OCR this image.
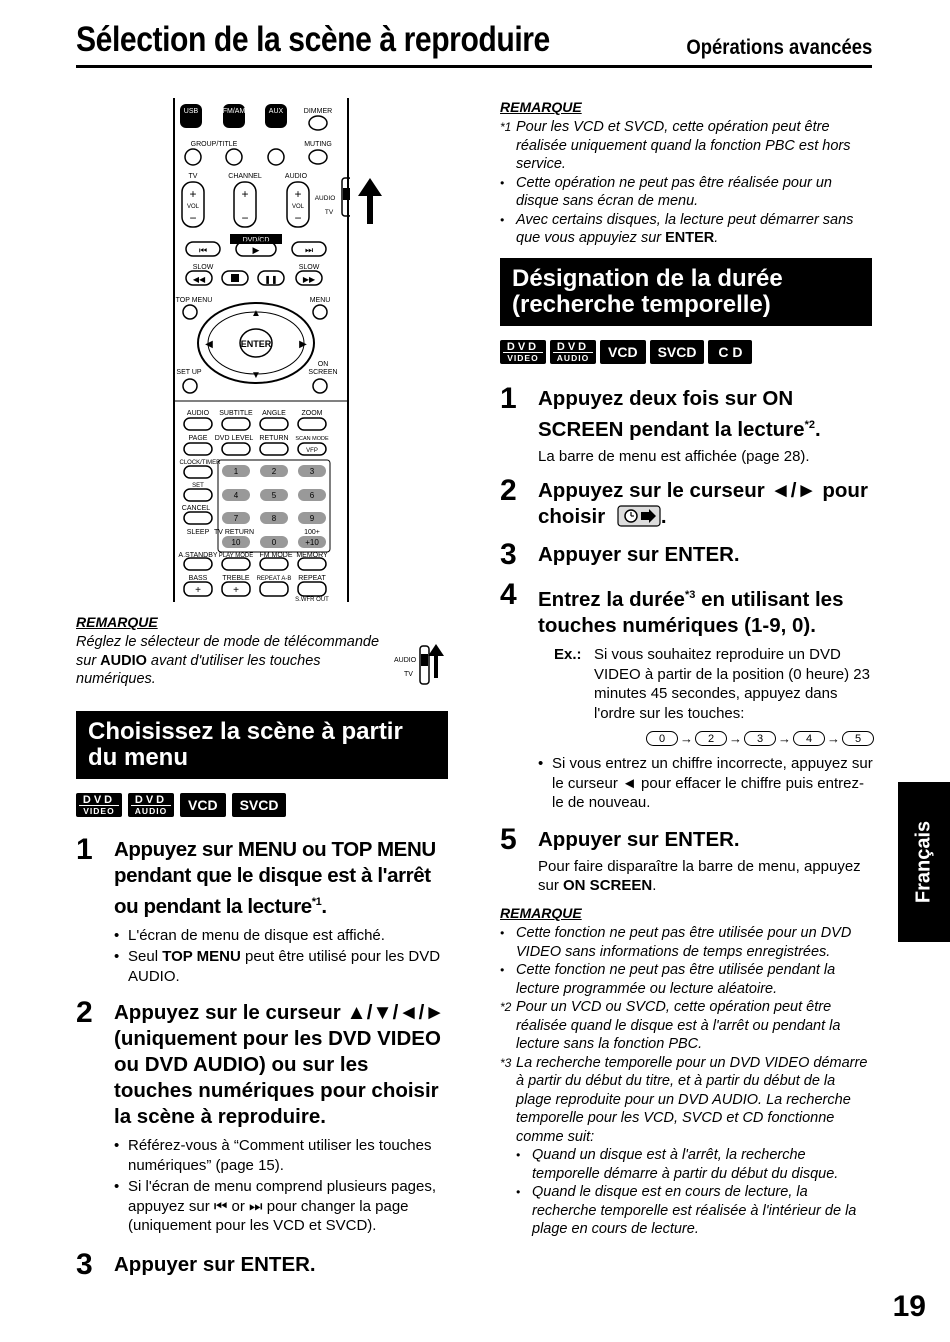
Sélection de la scène à reproduire	Opérations avancées
USB	FM/AM	AUX	DIMMER
GROUP/TITLE	MUTING
TV	CHANNEL	AUDIO
+
VOL
−
+
−
+
VOL
−
AUDIO
TV
DVD/CD
⏮	▶	⏭
SLOW	SLOW
◀◀	❚❚	▶▶
TOP MENU	MENU
ENTER
▲
▼
◀	▶
SET UP
ON
SCREEN
AUDIO SUBTITLE ANGLE ZOOM
PAGE DVD LEVEL RETURN SCAN MODE
CLOCK/TIMER
SET
CANCEL
SLEEP TV RETURN	100+
A.STANDBY PLAY MODE FM MODE MEMORY
BASS TREBLE REPEAT A-B REPEAT
S.WFR OUT
VFP
+	+
1	2	3
4	5	6
7	8	9
10	0	+10
REMARQUE
Réglez le sélecteur de mode de télécommande sur AUDIO avant d'utiliser les touches numériques.
AUDIO
TV
Choisissez la scène à partir du menu
DVD
VIDEO
DVD
AUDIO	VCD	SVCD
1 Appuyez sur MENU ou TOP MENU pendant que le disque est à l'arrêt ou pendant la lecture$^{*1}$.
• L'écran de menu de disque est affiché.
• Seul TOP MENU peut être utilisé pour les DVD AUDIO.
2 Appuyez sur le curseur ▲/▼/◄/► (uniquement pour les DVD VIDEO ou DVD AUDIO) ou sur les touches numériques pour choisir la scène à reproduire.
• Référez-vous à “Comment utiliser les touches numériques” (page 15).
• Si l'écran de menu comprend plusieurs pages, appuyez sur ⏮ or ⏭ pour changer la page (uniquement pour les VCD et SVCD).
3 Appuyer sur ENTER.
REMARQUE
*1 Pour les VCD et SVCD, cette opération peut être réalisée uniquement quand la fonction PBC est hors service.
• Cette opération ne peut pas être réalisée pour un disque sans écran de menu.
• Avec certains disques, la lecture peut démarrer sans que vous appuyiez sur ENTER.
Désignation de la durée (recherche temporelle)
DVD
VIDEO
DVD
AUDIO	VCD	SVCD	C D
1 Appuyez deux fois sur ON SCREEN pendant la lecture$^{*2}$.
La barre de menu est affichée (page 28).
2 Appuyez sur le curseur ◄/► pour choisir	.
3 Appuyer sur ENTER.
4 Entrez la durée$^{*3}$ en utilisant les touches numériques (1-9, 0).
Ex.: Si vous souhaitez reproduire un DVD VIDEO à partir de la position (0 heure) 23 minutes 45 secondes, appuyez dans l'ordre sur les touches:
0	→	2	→	3	→	4	→	5
• Si vous entrez un chiffre incorrecte, appuyez sur le curseur ◄ pour effacer le chiffre puis entrez-le de nouveau.
5 Appuyer sur ENTER.
Pour faire disparaître la barre de menu, appuyez sur ON SCREEN.
REMARQUE
• Cette fonction ne peut pas être utilisée pour un DVD VIDEO sans informations de temps enregistrées.
• Cette fonction ne peut pas être utilisée pendant la lecture programmée ou lecture aléatoire.
*2 Pour un VCD ou SVCD, cette opération peut être réalisée quand le disque est à l'arrêt ou pendant la lecture sans la fonction PBC.
*3 La recherche temporelle pour un DVD VIDEO démarre à partir du début du titre, et à partir du début de la plage reproduite pour un DVD AUDIO. La recherche temporelle pour les VCD, SVCD et CD fonctionne comme suit:
• Quand un disque est à l'arrêt, la recherche temporelle démarre à partir du début du disque.
• Quand le disque est en cours de lecture, la recherche temporelle est réalisée à l'intérieur de la plage en cours de lecture.
Français
19
